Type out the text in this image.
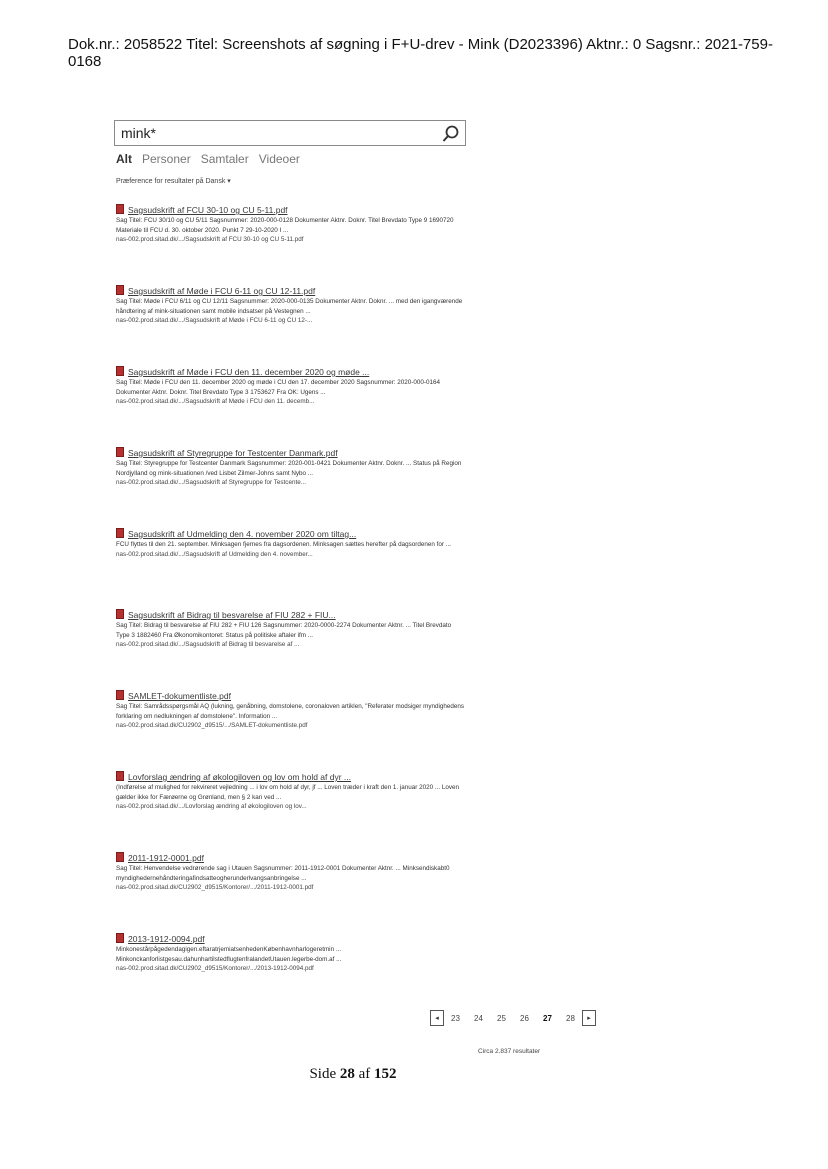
Dok.nr.: 2058522 Titel: Screenshots af søgning i F+U-drev - Mink (D2023396) Aktnr.: 0 Sagsnr.: 2021-759-0168
mink*
Alt Personer Samtaler Videoer
Præference for resultater på Dansk ▾
Sagsudskrift af FCU 30-10 og CU 5-11.pdf
Sag Titel: FCU 30/10 og CU 5/11 Sagsnummer: 2020-000-0128 Dokumenter Aktnr. Doknr. Titel Brevdato Type 9 1690720 Materiale til FCU d. 30. oktober 2020. Punkt 7 29-10-2020 I ...
nas-002.prod.sitad.dk/.../Sagsudskrift af FCU 30-10 og CU 5-11.pdf
Sagsudskrift af Møde i FCU 6-11 og CU 12-11.pdf
Sag Titel: Møde i FCU 6/11 og CU 12/11 Sagsnummer: 2020-000-0135 Dokumenter Aktnr. Doknr. ... med den igangværende håndtering af mink-situationen samt mobile indsatser på Vestegnen ...
nas-002.prod.sitad.dk/.../Sagsudskrift af Møde i FCU 6-11 og CU 12-...
Sagsudskrift af Møde i FCU den 11. december 2020 og møde ...
Sag Titel: Møde i FCU den 11. december 2020 og møde i CU den 17. december 2020 Sagsnummer: 2020-000-0164 Dokumenter Aktnr. Doknr. Titel Brevdato Type 3 1753627 Fra OK: Ugens ...
nas-002.prod.sitad.dk/.../Sagsudskrift af Møde i FCU den 11. decemb...
Sagsudskrift af Styregruppe for Testcenter Danmark.pdf
Sag Titel: Styregruppe for Testcenter Danmark Sagsnummer: 2020-001-0421 Dokumenter Aktnr. Doknr. ... Status på Region Nordjylland og mink-situationen /ved Lisbet Zilmer-Johns samt Nybo ...
nas-002.prod.sitad.dk/.../Sagsudskrift af Styregruppe for Testcente...
Sagsudskrift af Udmelding den 4. november 2020 om tiltag...
FCU flyttes til den 21. september. Minksagen fjernes fra dagsordenen. Minksagen sættes herefter på dagsordenen for ...
nas-002.prod.sitad.dk/.../Sagsudskrift af Udmelding den 4. november...
Sagsudskrift af Bidrag til besvarelse af FIU 282 + FIU...
Sag Titel: Bidrag til besvarelse af FIU 282 + FIU 126 Sagsnummer: 2020-0000-2274 Dokumenter Aktnr. ... Titel Brevdato Type 3 1882460 Fra Økonomikontoret: Status på politiske aftaler ifm ...
nas-002.prod.sitad.dk/.../Sagsudskrift af Bidrag til besvarelse af ...
SAMLET-dokumentliste.pdf
Sag Titel: Samrådsspørgsmål AQ (lukning, genåbning, domstolene, coronaloven artiklen, "Referater modsiger myndighedens forklaring om nedlukningen af domstolene". Information ...
nas-002.prod.sitad.dk/CU2902_d9515/.../SAMLET-dokumentliste.pdf
Lovforslag ændring af økologiloven og lov om hold af dyr ...
(Indførelse af mulighed for rekvireret vejledning ... i lov om hold af dyr, jf ... Loven træder i kraft den 1. januar 2020 ... Loven gælder ikke for Færøerne og Grønland, men § 2 kan ved ...
nas-002.prod.sitad.dk/.../Lovforslag ændring af økologiloven og lov...
2011-1912-0001.pdf
Sag Titel: Henvendelse vedrørende sag i Utauen Sagsnummer: 2011-1912-0001 Dokumenter Aktnr. ... Minksendiskabt0 myndighedernehåndteringafindsatteogherunderlvangsanbringelse ...
nas-002.prod.sitad.dk/CU2902_d9515/Kontorer/.../2011-1912-0001.pdf
2013-1912-0094.pdf
Minkonestårpågedendagigen.eftaratrjemiatsenhedenKøbenhavnharlogeretmin ... Minkonckanforlistgesau.dahunhartilstedflugtenfralandetUtauen.legerbe-dom.af ...
nas-002.prod.sitad.dk/CU2902_d9515/Kontorer/.../2013-1912-0094.pdf
◂	23	24	25	26	27	28	▸
Circa 2.837 resultater
Side 28 af 152
